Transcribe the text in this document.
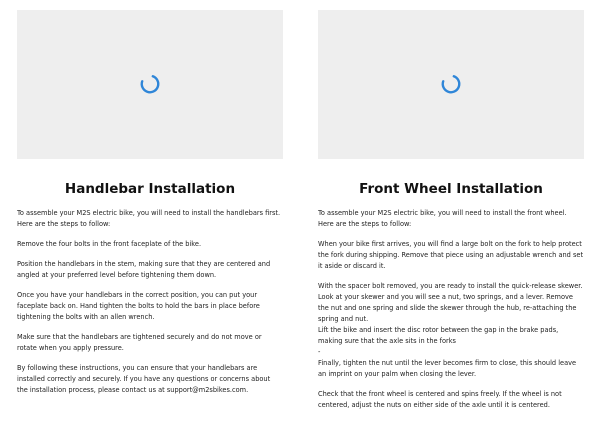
Handlebar Installation

To assemble your M2S electric bike, you will need to install the handlebars first. Here are the steps to follow:

Remove the four bolts in the front faceplate of the bike.

Position the handlebars in the stem, making sure that they are centered and angled at your preferred level before tightening them down.

Once you have your handlebars in the correct position, you can put your faceplate back on. Hand tighten the bolts to hold the bars in place before tightening the bolts with an allen wrench.

Make sure that the handlebars are tightened securely and do not move or rotate when you apply pressure.

By following these instructions, you can ensure that your handlebars are installed correctly and securely. If you have any questions or concerns about the installation process, please contact us at support@m2sbikes.com.

Front Wheel Installation

To assemble your M2S electric bike, you will need to install the front wheel. Here are the steps to follow:

When your bike first arrives, you will find a large bolt on the fork to help protect the fork during shipping. Remove that piece using an adjustable wrench and set it aside or discard it.

With the spacer bolt removed, you are ready to install the quick-release skewer. Look at your skewer and you will see a nut, two springs, and a lever. Remove the nut and one spring and slide the skewer through the hub, re-attaching the spring and nut.
Lift the bike and insert the disc rotor between the gap in the brake pads, making sure that the axle sits in the forks
-
Finally, tighten the nut until the lever becomes firm to close, this should leave an imprint on your palm when closing the lever.

Check that the front wheel is centered and spins freely. If the wheel is not centered, adjust the nuts on either side of the axle until it is centered.
